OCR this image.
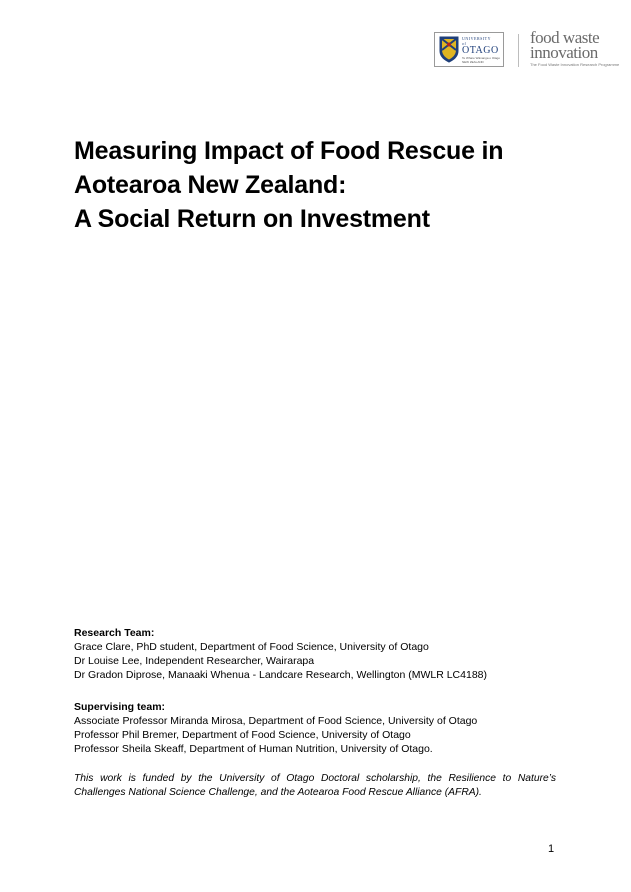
UNIVERSITY
of
OTAGO
Te Whare Wānanga o Otāgo
NEW ZEALAND
food waste
innovation
The Food Waste Innovation Research Programme
Measuring Impact of Food Rescue in
Aotearoa New Zealand:
A Social Return on Investment
Research Team:
Grace Clare, PhD student, Department of Food Science, University of Otago
Dr Louise Lee, Independent Researcher, Wairarapa
Dr Gradon Diprose, Manaaki Whenua - Landcare Research, Wellington (MWLR LC4188)
Supervising team:
Associate Professor Miranda Mirosa, Department of Food Science, University of Otago
Professor Phil Bremer, Department of Food Science, University of Otago
Professor Sheila Skeaff, Department of Human Nutrition, University of Otago.
This work is funded by the University of Otago Doctoral scholarship, the Resilience to Nature’s Challenges National Science Challenge, and the Aotearoa Food Rescue Alliance (AFRA).
1
